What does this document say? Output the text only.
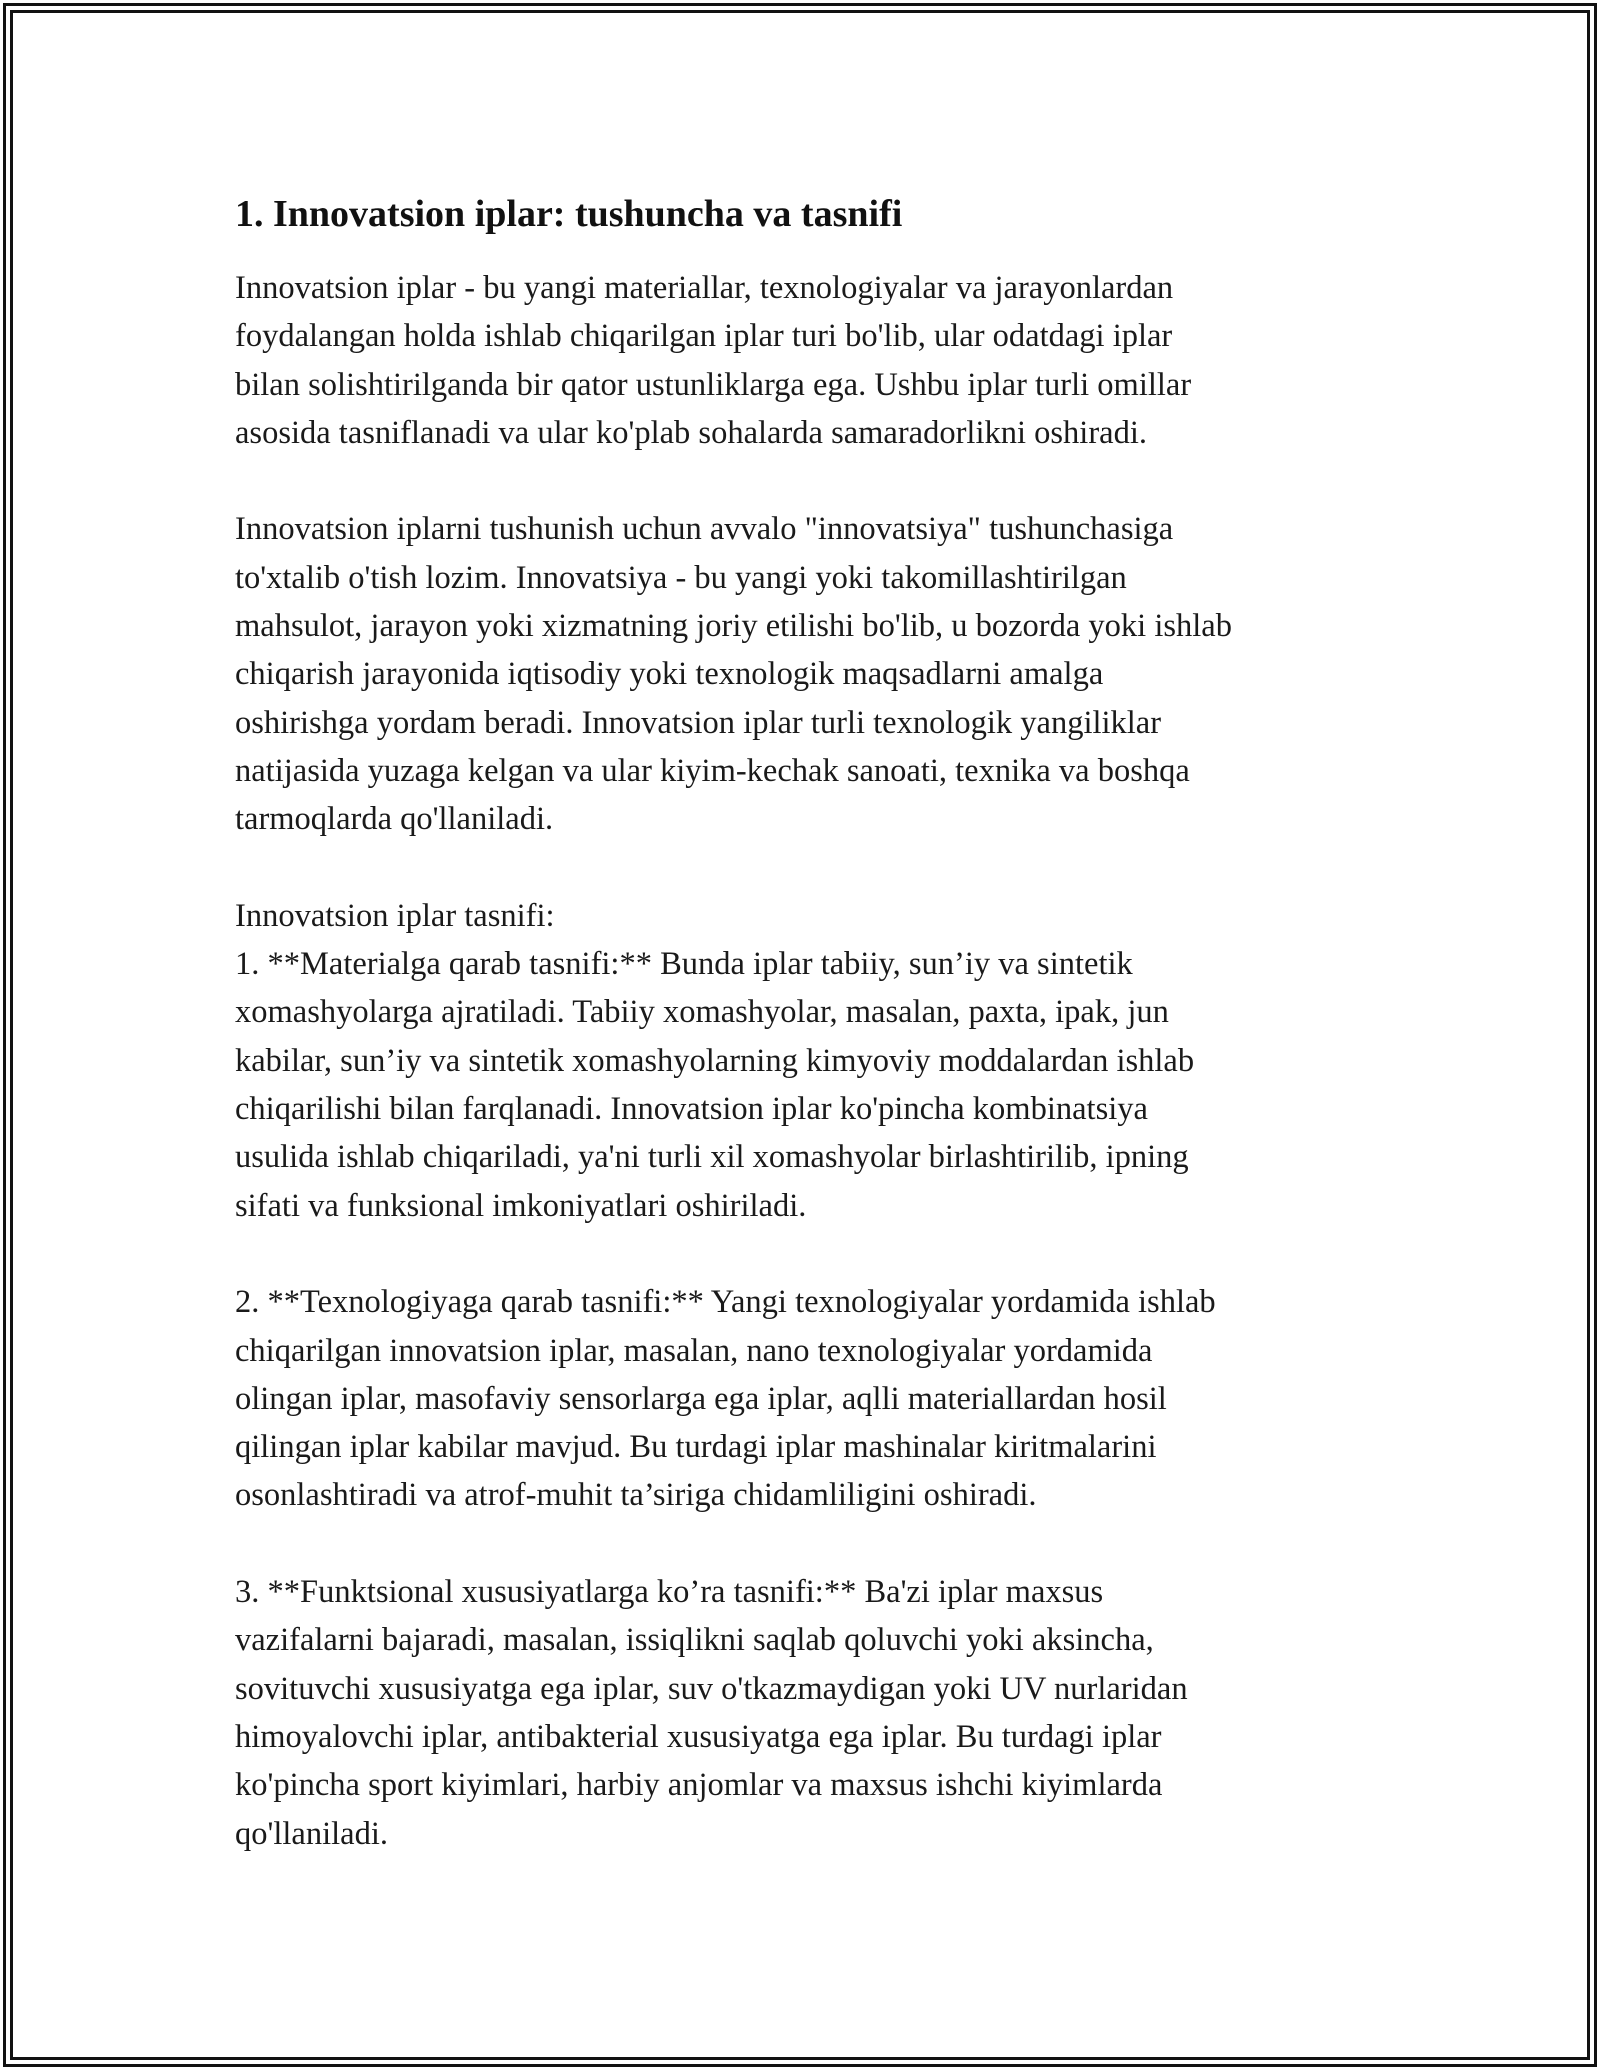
1. Innovatsion iplar: tushuncha va tasnifi

Innovatsion iplar - bu yangi materiallar, texnologiyalar va jarayonlardan
foydalangan holda ishlab chiqarilgan iplar turi bo'lib, ular odatdagi iplar
bilan solishtirilganda bir qator ustunliklarga ega. Ushbu iplar turli omillar
asosida tasniflanadi va ular ko'plab sohalarda samaradorlikni oshiradi.

Innovatsion iplarni tushunish uchun avvalo "innovatsiya" tushunchasiga
to'xtalib o'tish lozim. Innovatsiya - bu yangi yoki takomillashtirilgan
mahsulot, jarayon yoki xizmatning joriy etilishi bo'lib, u bozorda yoki ishlab
chiqarish jarayonida iqtisodiy yoki texnologik maqsadlarni amalga
oshirishga yordam beradi. Innovatsion iplar turli texnologik yangiliklar
natijasida yuzaga kelgan va ular kiyim-kechak sanoati, texnika va boshqa
tarmoqlarda qo'llaniladi.

Innovatsion iplar tasnifi:
1. **Materialga qarab tasnifi:** Bunda iplar tabiiy, sun’iy va sintetik
xomashyolarga ajratiladi. Tabiiy xomashyolar, masalan, paxta, ipak, jun
kabilar, sun’iy va sintetik xomashyolarning kimyoviy moddalardan ishlab
chiqarilishi bilan farqlanadi. Innovatsion iplar ko'pincha kombinatsiya
usulida ishlab chiqariladi, ya'ni turli xil xomashyolar birlashtirilib, ipning
sifati va funksional imkoniyatlari oshiriladi.

2. **Texnologiyaga qarab tasnifi:** Yangi texnologiyalar yordamida ishlab
chiqarilgan innovatsion iplar, masalan, nano texnologiyalar yordamida
olingan iplar, masofaviy sensorlarga ega iplar, aqlli materiallardan hosil
qilingan iplar kabilar mavjud. Bu turdagi iplar mashinalar kiritmalarini
osonlashtiradi va atrof-muhit ta’siriga chidamliligini oshiradi.

3. **Funktsional xususiyatlarga ko’ra tasnifi:** Ba'zi iplar maxsus
vazifalarni bajaradi, masalan, issiqlikni saqlab qoluvchi yoki aksincha,
sovituvchi xususiyatga ega iplar, suv o'tkazmaydigan yoki UV nurlaridan
himoyalovchi iplar, antibakterial xususiyatga ega iplar. Bu turdagi iplar
ko'pincha sport kiyimlari, harbiy anjomlar va maxsus ishchi kiyimlarda
qo'llaniladi.
